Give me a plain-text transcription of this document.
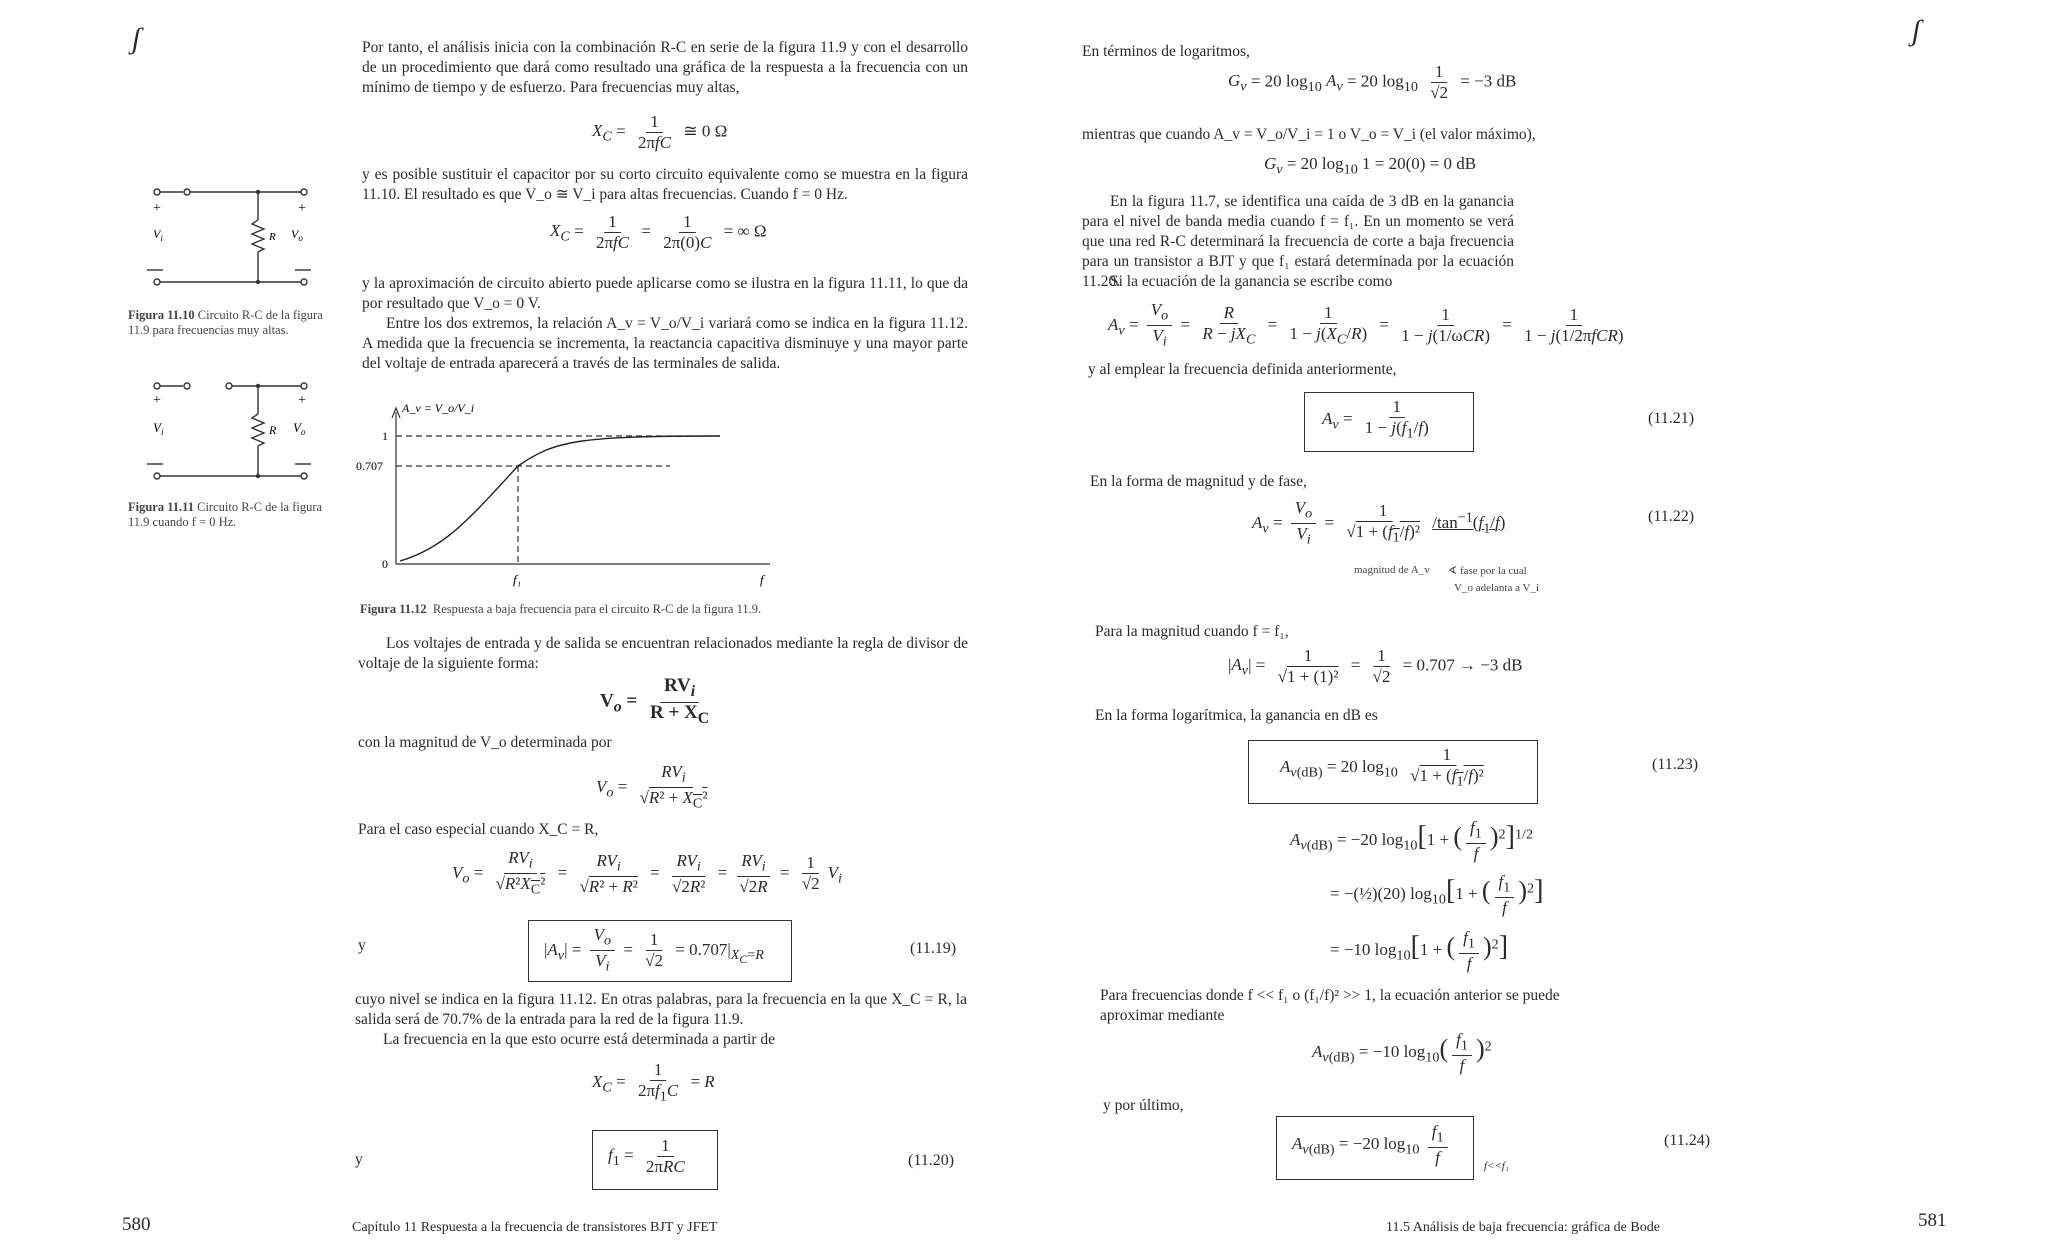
ʃ	Por tanto, el análisis inicia con la combinación R-C en serie de la figura 11.9 y con el desarrollo de un procedimiento que dará como resultado una gráfica de la respuesta a la frecuencia con un mínimo de tiempo y de esfuerzo. Para frecuencias muy altas,
$X_C = \frac{1}{\text{2πfC}}$ ≅ 0 Ω
y es posible sustituir el capacitor por su corto circuito equivalente como se muestra en la figura 11.10. El resultado es que V_o ≅ V_i para altas frecuencias. Cuando f = 0 Hz.
$X_C = \frac{1}{\text{2πfC}} = \frac{1}{2\pi(0)C}$ = ∞ Ω
y la aproximación de circuito abierto puede aplicarse como se ilustra en la figura 11.11, lo que da por resultado que V_o = 0 V.
Entre los dos extremos, la relación A_v = V_o/V_i variará como se indica en la figura 11.12. A medida que la frecuencia se incrementa, la reactancia capacitiva disminuye y una mayor parte del voltaje de entrada aparecerá a través de las terminales de salida.
+	+
$V_i$	R $V_o$
Figura 11.10 Circuito R-C de la figura 11.9 para frecuencias muy altas.
+	+
$V_i$	R $V_o$
Figura 11.11 Circuito R-C de la figura 11.9 cuando f = 0 Hz.
A_v = V_o/V_i
1
0.707
0
f₁	f
Figura 11.12 Respuesta a baja frecuencia para el circuito R-C de la figura 11.9.
Los voltajes de entrada y de salida se encuentran relacionados mediante la regla de divisor de voltaje de la siguiente forma:
$V_o = \frac{RV_i}{R + X_C}$
con la magnitud de V_o determinada por
$V_o = \frac{RV_i}{√R^2 + X_C^2}$
Para el caso especial cuando X_C = R,
$V_o = \frac{RV_i}{√R^2X_C^2} = \frac{RV_i}{\text{√R² + R²}} = \frac{RV_i}{\text{√2R²}} = \frac{RV_i}{√2R} = \frac{1}{√2} V_i$
y	$|A_v| = \frac{V_o}{V_i} = \frac{1}{√2} = 0.707|_{X_C=R}$	(11.19)
cuyo nivel se indica en la figura 11.12. En otras palabras, para la frecuencia en la que X_C = R, la salida será de 70.7% de la entrada para la red de la figura 11.9.
La frecuencia en la que esto ocurre está determinada a partir de
$X_C = \frac{1}{2\pi f_1C} = R$
y	$f_1 = \frac{1}{\text{2πRC}}$	(11.20)
580	Capítulo 11 Respuesta a la frecuencia de transistores BJT y JFET
ʃ
En términos de logaritmos,
$G_v = 20$ $\log_{10} A_v = 20$ $\log_{10} \frac{1}{√2} = -3$ dB
mientras que cuando A_v = V_o/V_i = 1 o V_o = V_i (el valor máximo),
$G_v = 20$ $\log_{10} 1 = 20(0) = 0$ dB
En la figura 11.7, se identifica una caída de 3 dB en la ganancia para el nivel de banda media cuando f = f₁. En un momento se verá que una red R-C determinará la frecuencia de corte a baja frecuencia para un transistor a BJT y que f₁ estará determinada por la ecuación 11.20.
Si la ecuación de la ganancia se escribe como
$A_v = \frac{V_o}{V_i} = \frac{R}{R - jX_C} = \frac{1}{1 - j(X_C/R)} = \frac{1}{\text{1 − j(1/ωCR)}} = \frac{1}{\text{1 − j(1/2πfCR)}}$
y al emplear la frecuencia definida anteriormente,
$A_v = \frac{1}{1 - j(f_1/f)}$	(11.21)
En la forma de magnitud y de fase,
$A_v = \frac{V_o}{V_i} = \frac{1}{√1 + (f_1/f)^2} /\tan^{-1}(f_1/f)$	(11.22)
magnitud de A_v ∢ fase por la cual
V_o adelanta a V_i
Para la magnitud cuando f = f₁,
$|A_v| = \frac{1}{\text{√1 + (1)²}} = \frac{1}{√2} = 0.707 \to -3$ dB
En la forma logarítmica, la ganancia en dB es
$A_{v(dB)} = 20$ $\log_{10} \frac{1}{√1 + (f_1/f)^2}$	(11.23)
$A_{v(dB)} = -20$ $\log_{10}[1$ + ( $\frac{f_1}{f} )^2]^{1/2}$
= −(½)(20) $\log_{10}[1$ + ( $\frac{f_1}{f} )^2$]
= −10 $\log_{10}[1$ + ( $\frac{f_1}{f} )^2$]
Para frecuencias donde f << f₁ o (f₁/f)² >> 1, la ecuación anterior se puede aproximar mediante
$A_{v(dB)} = -10$ $\log_{10}( \frac{f_1}{f} )^2$
y por último,
$A_{v(dB)} = -20$ $\log_{10} \frac{f_1}{f}$	f<<f₁
(11.24)
11.5 Análisis de baja frecuencia: gráfica de Bode	581
